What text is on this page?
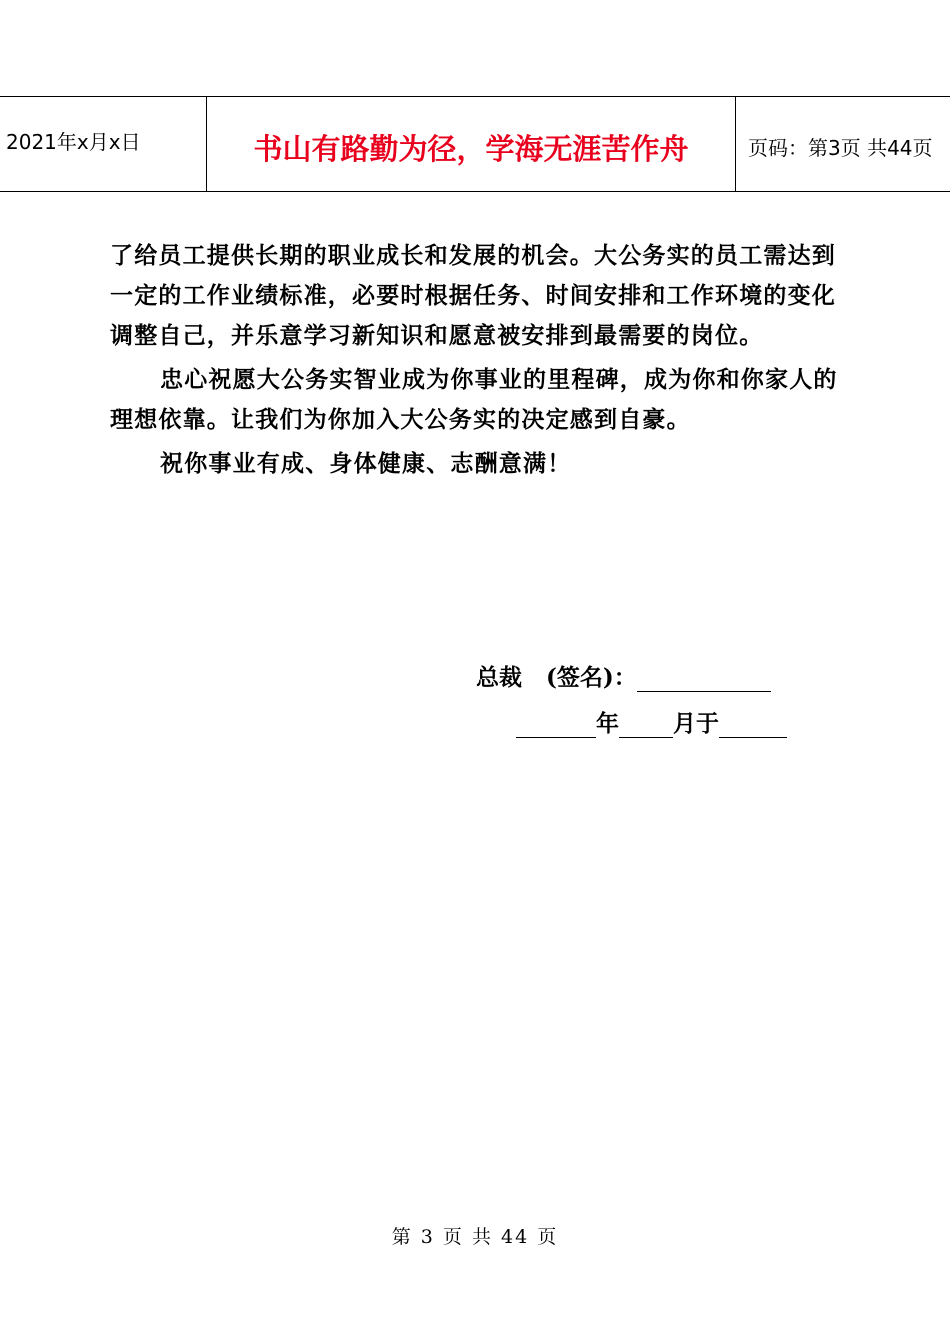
2021年x月x日	书山有路勤为径，学海无涯苦作舟	页码：第3页 共44页

了给员工提供长期的职业成长和发展的机会。大公务实的员工需达到一定的工作业绩标准，必要时根据任务、时间安排和工作环境的变化调整自己，并乐意学习新知识和愿意被安排到最需要的岗位。

忠心祝愿大公务实智业成为你事业的里程碑，成为你和你家人的理想依靠。让我们为你加入大公务实的决定感到自豪。

祝你事业有成、身体健康、志酬意满！

总裁   (签名)：
年 月于
第 3 页 共 44 页
